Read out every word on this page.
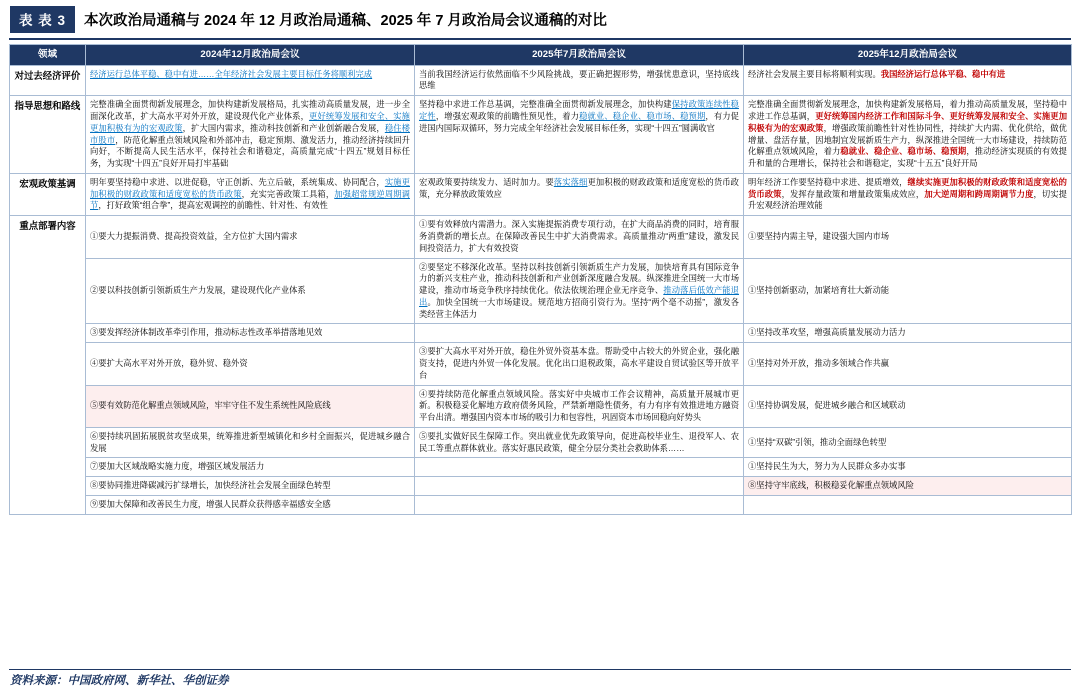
表 表 3	本次政治局通稿与 2024 年 12 月政治局通稿、2025 年 7 月政治局会议通稿的对比
领域	2024年12月政治局会议	2025年7月政治局会议	2025年12月政治局会议
对过去经济评价	经济运行总体平稳、稳中有进……全年经济社会发展主要目标任务将顺利完成	当前我国经济运行依然面临不少风险挑战，要正确把握形势，增强忧患意识，坚持底线思维	经济社会发展主要目标将顺利实现。我国经济运行总体平稳、稳中有进
指导思想和路线	完整准确全面贯彻新发展理念，加快构建新发展格局，扎实推动高质量发展，进一步全面深化改革，扩大高水平对外开放，建设现代化产业体系，更好统筹发展和安全、实施更加积极有为的宏观政策，扩大国内需求，推动科技创新和产业创新融合发展，稳住楼市股市，防范化解重点领域风险和外部冲击，稳定预期、激发活力，推动经济持续回升向好，不断提高人民生活水平，保持社会和谐稳定，高质量完成“十四五”规划目标任务，为实现“十四五”良好开局打牢基础	坚持稳中求进工作总基调，完整准确全面贯彻新发展理念，加快构建保持政策连续性稳定性，增强宏观政策的前瞻性预见性，着力稳就业、稳企业、稳市场、稳预期，有力促进国内国际双循环，努力完成全年经济社会发展目标任务，实现“十四五”圆满收官	完整准确全面贯彻新发展理念，加快构建新发展格局，着力推动高质量发展，坚持稳中求进工作总基调，更好统筹国内经济工作和国际斗争、更好统筹发展和安全、实施更加积极有为的宏观政策，增强政策前瞻性针对性协同性，持续扩大内需、优化供给，做优增量、盘活存量，因地制宜发展新质生产力，纵深推进全国统一大市场建设，持续防范化解重点领域风险，着力稳就业、稳企业、稳市场、稳预期，推动经济实现质的有效提升和量的合理增长，保持社会和谐稳定，实现“十五五”良好开局
宏观政策基调	明年要坚持稳中求进、以进促稳，守正创新、先立后破，系统集成、协同配合，实施更加积极的财政政策和适度宽松的货币政策，充实完善政策工具箱，加强超常规逆周期调节，打好政策“组合拳”，提高宏观调控的前瞻性、针对性、有效性	宏观政策要持续发力、适时加力。要落实落细更加积极的财政政策和适度宽松的货币政策，充分释放政策效应	明年经济工作要坚持稳中求进、提质增效，继续实施更加积极的财政政策和适度宽松的货币政策，发挥存量政策和增量政策集成效应，加大逆周期和跨周期调节力度，切实提升宏观经济治理效能
重点部署内容	①要大力提振消费、提高投资效益，全方位扩大国内需求	①要有效释放内需潜力。深入实施提振消费专项行动，在扩大商品消费的同时，培育服务消费新的增长点。在保障改善民生中扩大消费需求。高质量推动“两重”建设，激发民间投资活力，扩大有效投资	①要坚持内需主导，建设强大国内市场
	②要以科技创新引领新质生产力发展，建设现代化产业体系	②要坚定不移深化改革。坚持以科技创新引领新质生产力发展，加快培育具有国际竞争力的新兴支柱产业，推动科技创新和产业创新深度融合发展。纵深推进全国统一大市场建设，推动市场竞争秩序持续优化。依法依规治理企业无序竞争、推动落后低效产能退出。加快全国统一大市场建设。规范地方招商引资行为。坚持“两个毫不动摇”，激发各类经营主体活力	①坚持创新驱动，加紧培育壮大新动能
	③要发挥经济体制改革牵引作用，推动标志性改革举措落地见效		①坚持改革攻坚，增强高质量发展动力活力
	④要扩大高水平对外开放，稳外贸、稳外资	③要扩大高水平对外开放，稳住外贸外资基本盘。帮助受中占较大的外贸企业，强化融资支持，促进内外贸一体化发展。优化出口退税政策，高水平建设自贸试验区等开放平台	①坚持对外开放，推动多领域合作共赢
	⑤要有效防范化解重点领域风险，牢牢守住不发生系统性风险底线	④要持续防范化解重点领域风险。落实好中央城市工作会议精神，高质量开展城市更新。积极稳妥化解地方政府债务风险，严禁新增隐性债务，有力有序有效推进地方融资平台出清。增强国内资本市场的吸引力和包容性，巩固资本市场回稳向好势头	①坚持协调发展，促进城乡融合和区域联动
	⑥要持续巩固拓展脱贫攻坚成果，统筹推进新型城镇化和乡村全面振兴，促进城乡融合发展	⑤要扎实做好民生保障工作。突出就业优先政策导向，促进高校毕业生、退役军人、农民工等重点群体就业。落实好惠民政策，健全分层分类社会救助体系……	①坚持“双碳”引领，推动全面绿色转型
	⑦要加大区域战略实施力度，增强区域发展活力		①坚持民生为大，努力为人民群众多办实事
	⑧要协同推进降碳减污扩绿增长，加快经济社会发展全面绿色转型		⑧坚持守牢底线，积极稳妥化解重点领域风险
	⑨要加大保障和改善民生力度，增强人民群众获得感幸福感安全感		
资料来源：中国政府网、新华社、华创证券
